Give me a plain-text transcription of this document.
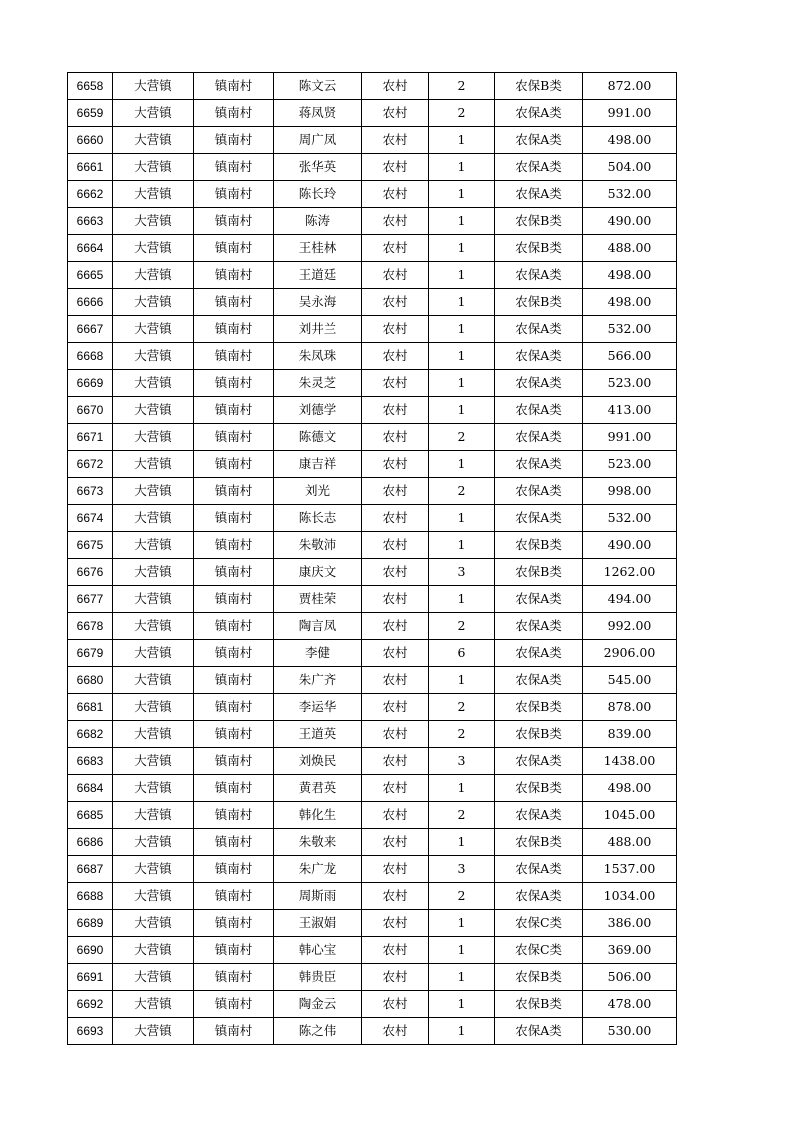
6658	大营镇	镇南村	陈文云	农村	2	农保B类	872.00
6659	大营镇	镇南村	蒋凤贤	农村	2	农保A类	991.00
6660	大营镇	镇南村	周广凤	农村	1	农保A类	498.00
6661	大营镇	镇南村	张华英	农村	1	农保A类	504.00
6662	大营镇	镇南村	陈长玲	农村	1	农保A类	532.00
6663	大营镇	镇南村	陈涛	农村	1	农保B类	490.00
6664	大营镇	镇南村	王桂林	农村	1	农保B类	488.00
6665	大营镇	镇南村	王道廷	农村	1	农保A类	498.00
6666	大营镇	镇南村	吴永海	农村	1	农保B类	498.00
6667	大营镇	镇南村	刘井兰	农村	1	农保A类	532.00
6668	大营镇	镇南村	朱凤珠	农村	1	农保A类	566.00
6669	大营镇	镇南村	朱灵芝	农村	1	农保A类	523.00
6670	大营镇	镇南村	刘德学	农村	1	农保A类	413.00
6671	大营镇	镇南村	陈德文	农村	2	农保A类	991.00
6672	大营镇	镇南村	康吉祥	农村	1	农保A类	523.00
6673	大营镇	镇南村	刘光	农村	2	农保A类	998.00
6674	大营镇	镇南村	陈长志	农村	1	农保A类	532.00
6675	大营镇	镇南村	朱敬沛	农村	1	农保B类	490.00
6676	大营镇	镇南村	康庆文	农村	3	农保B类	1262.00
6677	大营镇	镇南村	贾桂荣	农村	1	农保A类	494.00
6678	大营镇	镇南村	陶言凤	农村	2	农保A类	992.00
6679	大营镇	镇南村	李健	农村	6	农保A类	2906.00
6680	大营镇	镇南村	朱广齐	农村	1	农保A类	545.00
6681	大营镇	镇南村	李运华	农村	2	农保B类	878.00
6682	大营镇	镇南村	王道英	农村	2	农保B类	839.00
6683	大营镇	镇南村	刘焕民	农村	3	农保A类	1438.00
6684	大营镇	镇南村	黄君英	农村	1	农保B类	498.00
6685	大营镇	镇南村	韩化生	农村	2	农保A类	1045.00
6686	大营镇	镇南村	朱敬来	农村	1	农保B类	488.00
6687	大营镇	镇南村	朱广龙	农村	3	农保A类	1537.00
6688	大营镇	镇南村	周斯雨	农村	2	农保A类	1034.00
6689	大营镇	镇南村	王淑娟	农村	1	农保C类	386.00
6690	大营镇	镇南村	韩心宝	农村	1	农保C类	369.00
6691	大营镇	镇南村	韩贵臣	农村	1	农保B类	506.00
6692	大营镇	镇南村	陶金云	农村	1	农保B类	478.00
6693	大营镇	镇南村	陈之伟	农村	1	农保A类	530.00
